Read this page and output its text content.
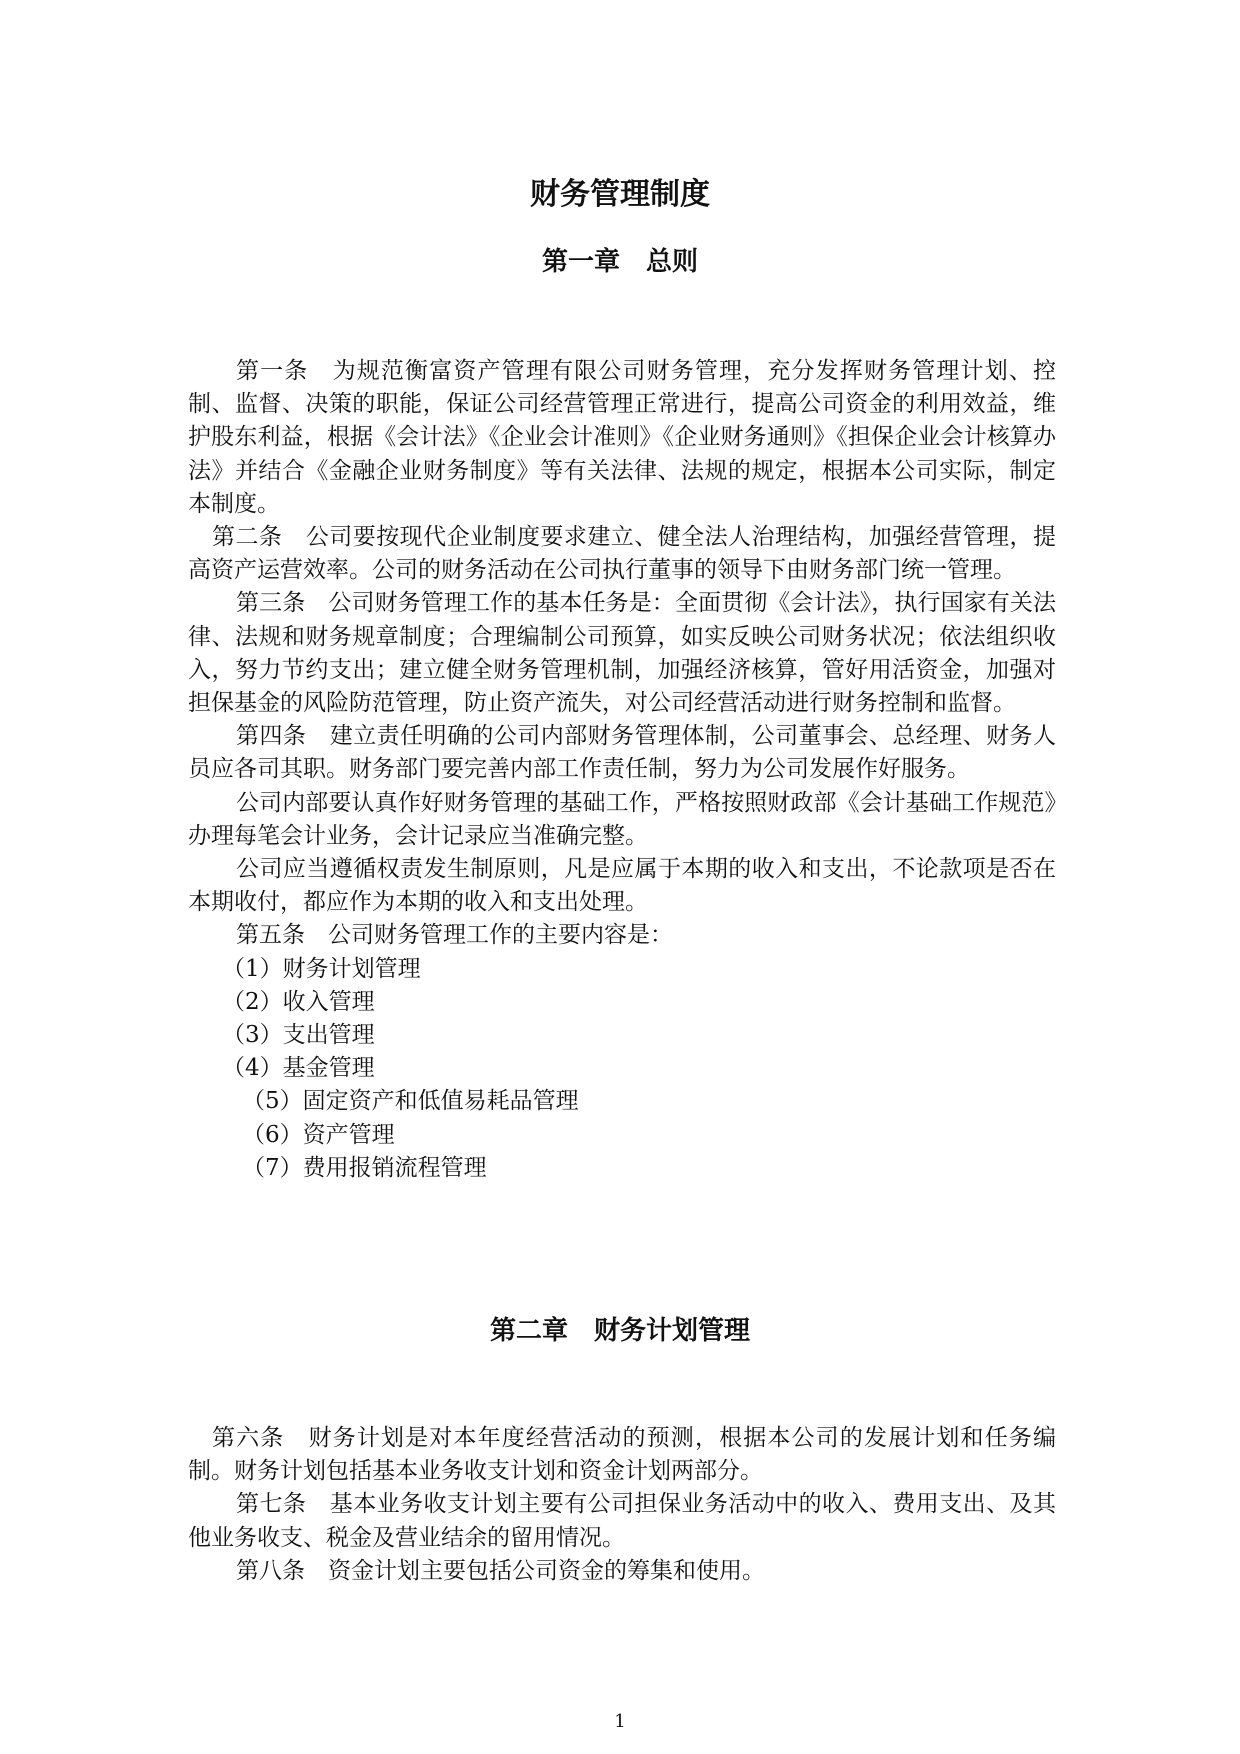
财务管理制度
第一章　总则

第一条　为规范衡富资产管理有限公司财务管理，充分发挥财务管理计划、控制、监督、决策的职能，保证公司经营管理正常进行，提高公司资金的利用效益，维护股东利益，根据《会计法》《企业会计准则》《企业财务通则》《担保企业会计核算办法》并结合《金融企业财务制度》等有关法律、法规的规定，根据本公司实际，制定本制度。

第二条　公司要按现代企业制度要求建立、健全法人治理结构，加强经营管理，提高资产运营效率。公司的财务活动在公司执行董事的领导下由财务部门统一管理。

第三条　公司财务管理工作的基本任务是：全面贯彻《会计法》，执行国家有关法律、法规和财务规章制度；合理编制公司预算，如实反映公司财务状况；依法组织收入，努力节约支出；建立健全财务管理机制，加强经济核算，管好用活资金，加强对担保基金的风险防范管理，防止资产流失，对公司经营活动进行财务控制和监督。

第四条　建立责任明确的公司内部财务管理体制，公司董事会、总经理、财务人员应各司其职。财务部门要完善内部工作责任制，努力为公司发展作好服务。

公司内部要认真作好财务管理的基础工作，严格按照财政部《会计基础工作规范》办理每笔会计业务，会计记录应当准确完整。

公司应当遵循权责发生制原则，凡是应属于本期的收入和支出，不论款项是否在本期收付，都应作为本期的收入和支出处理。

第五条　公司财务管理工作的主要内容是：

（1）财务计划管理

（2）收入管理

（3）支出管理

（4）基金管理

（5）固定资产和低值易耗品管理

（6）资产管理

（7）费用报销流程管理

第二章　财务计划管理

第六条　财务计划是对本年度经营活动的预测，根据本公司的发展计划和任务编制。财务计划包括基本业务收支计划和资金计划两部分。

第七条　基本业务收支计划主要有公司担保业务活动中的收入、费用支出、及其他业务收支、税金及营业结余的留用情况。

第八条　资金计划主要包括公司资金的筹集和使用。

1
